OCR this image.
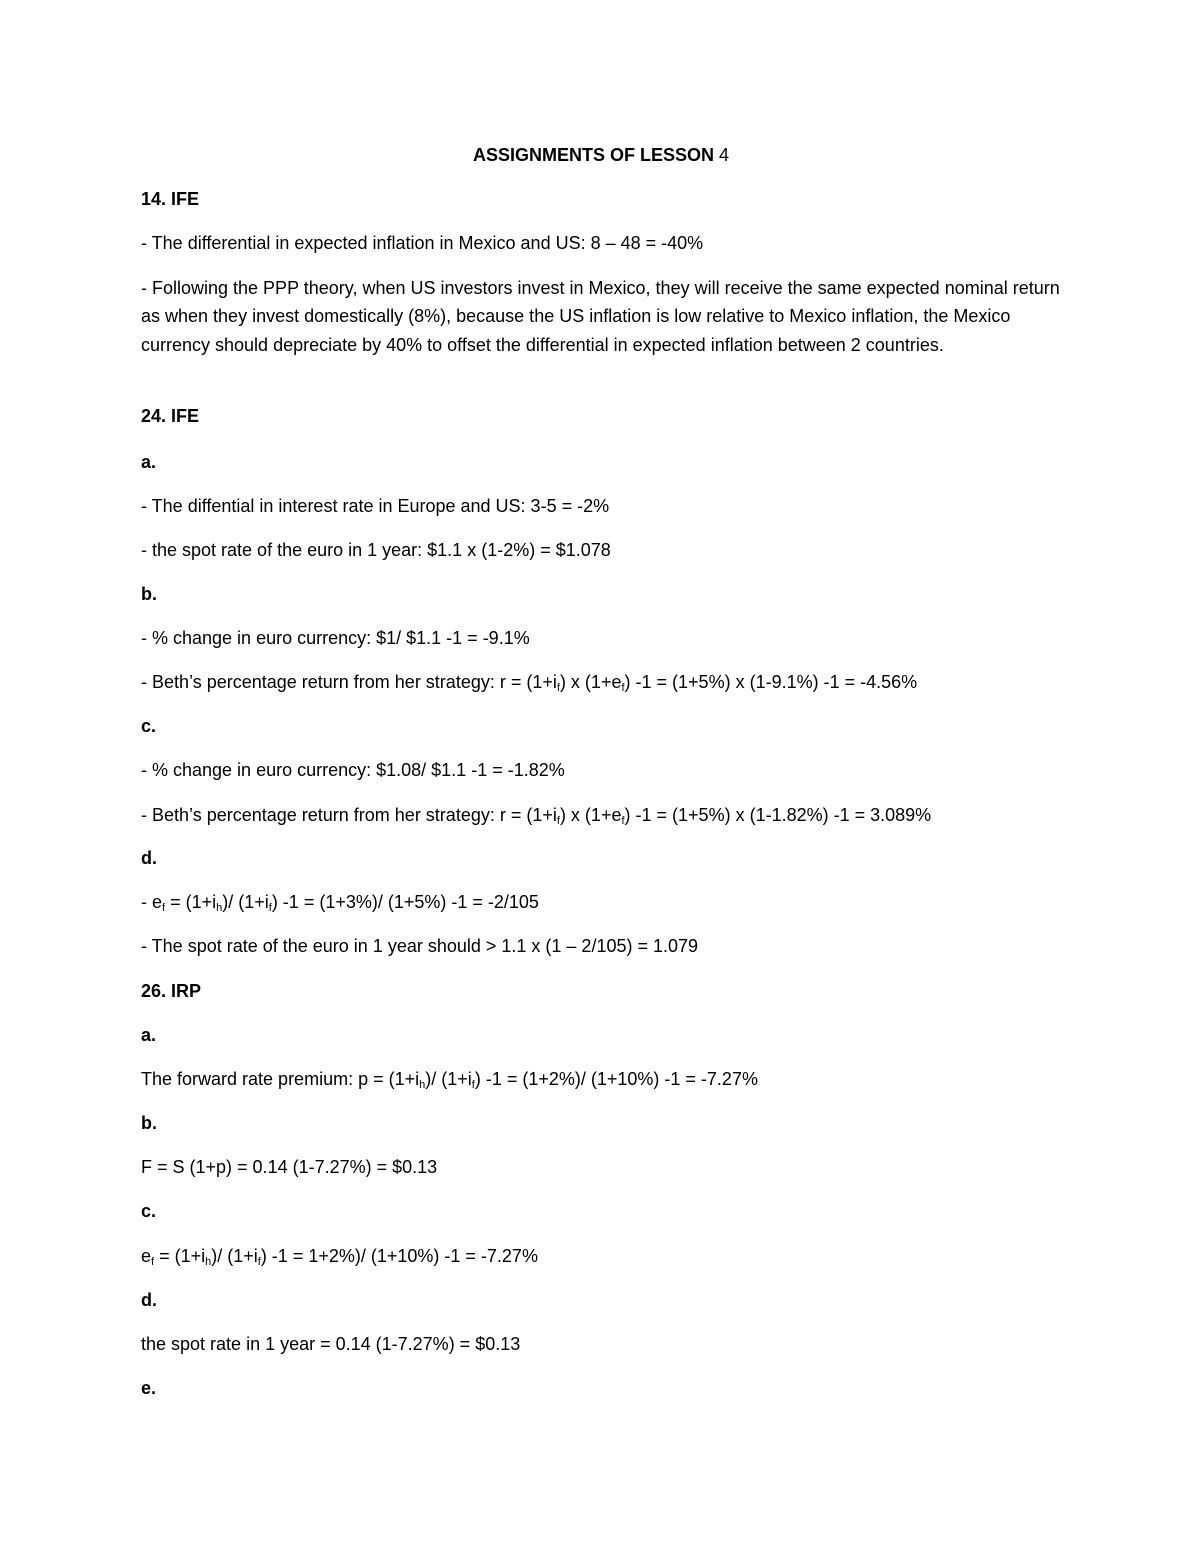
ASSIGNMENTS OF LESSON 4
14. IFE
- The differential in expected inflation in Mexico and US: 8 – 48 = -40%
- Following the PPP theory, when US investors invest in Mexico, they will receive the same expected nominal return as when they invest domestically (8%), because the US inflation is low relative to Mexico inflation, the Mexico currency should depreciate by 40% to offset the differential in expected inflation between 2 countries.
24. IFE
a.
- The diffential in interest rate in Europe and US: 3-5 = -2%
- the spot rate of the euro in 1 year: $1.1 x (1-2%) = $1.078
b.
- % change in euro currency: $1/ $1.1 -1 = -9.1%
- Beth’s percentage return from her strategy: $r = (1+i_f)$ x $(1+e_f) -1 = (1+5\%)$ x (1-9.1%) -1 = -4.56%
c.
- % change in euro currency: $1.08/ $1.1 -1 = -1.82%
- Beth’s percentage return from her strategy: $r = (1+i_f)$ x $(1+e_f) -1 = (1+5\%)$ x (1-1.82%) -1 = 3.089%
d.
- $e_f = (1+i_h)/$ $(1+i_f) -1 = (1+3\%)/$ (1+5%) -1 = -2/105
- The spot rate of the euro in 1 year should > 1.1 x (1 – 2/105) = 1.079
26. IRP
a.
The forward rate premium: $p = (1+i_h)/$ $(1+i_f) -1 = (1+2\%)/$ (1+10%) -1 = -7.27%
b.
F = S (1+p) = 0.14 (1-7.27%) = $0.13
c.
$e_f = (1+i_h)/$ $(1+i_f) -1 = 1+2\%)/$ (1+10%) -1 = -7.27%
d.
the spot rate in 1 year = 0.14 (1-7.27%) = $0.13
e.
